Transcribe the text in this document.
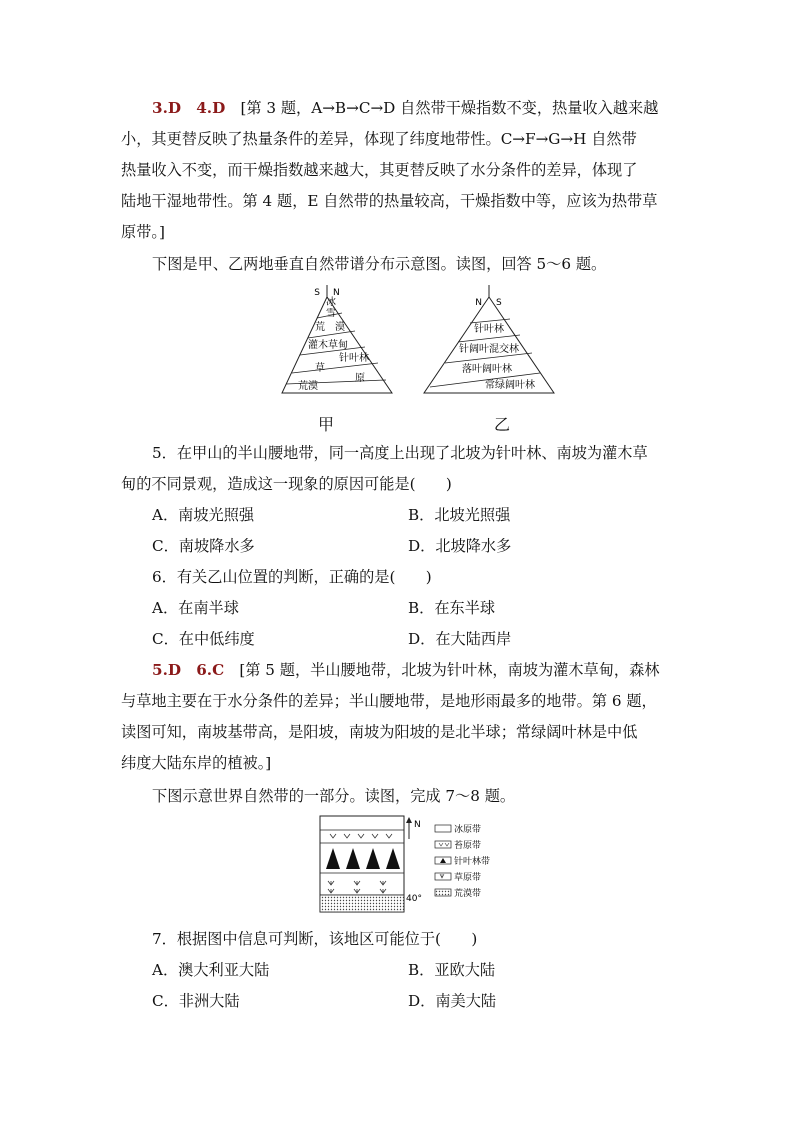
3.D　4.D　[第 3 题，A→B→C→D 自然带干燥指数不变，热量收入越来越
小，其更替反映了热量条件的差异，体现了纬度地带性。C→F→G→H 自然带
热量收入不变，而干燥指数越来越大，其更替反映了水分条件的差异，体现了
陆地干湿地带性。第 4 题，E 自然带的热量较高，干燥指数中等，应该为热带草
原带。]
下图是甲、乙两地垂直自然带谱分布示意图。读图，回答 5～6 题。
S N
冰
雪
荒　漠
灌木草甸
针叶林
草
原
荒漠
N S
针叶林
针阔叶混交林
落叶阔叶林
常绿阔叶林
甲	乙
5．在甲山的半山腰地带，同一高度上出现了北坡为针叶林、南坡为灌木草
甸的不同景观，造成这一现象的原因可能是(　　)
A．南坡光照强	B．北坡光照强
C．南坡降水多	D．北坡降水多
6．有关乙山位置的判断，正确的是(　　)
A．在南半球	B．在东半球
C．在中低纬度	D．在大陆西岸
5.D　6.C　[第 5 题，半山腰地带，北坡为针叶林，南坡为灌木草甸，森林
与草地主要在于水分条件的差异；半山腰地带，是地形雨最多的地带。第 6 题，
读图可知，南坡基带高，是阳坡，南坡为阳坡的是北半球；常绿阔叶林是中低
纬度大陆东岸的植被。]
下图示意世界自然带的一部分。读图，完成 7～8 题。
N
40°
冰原带
苔原带
针叶林带
草原带
荒漠带
7．根据图中信息可判断，该地区可能位于(　　)
A．澳大利亚大陆	B．亚欧大陆
C．非洲大陆	D．南美大陆
